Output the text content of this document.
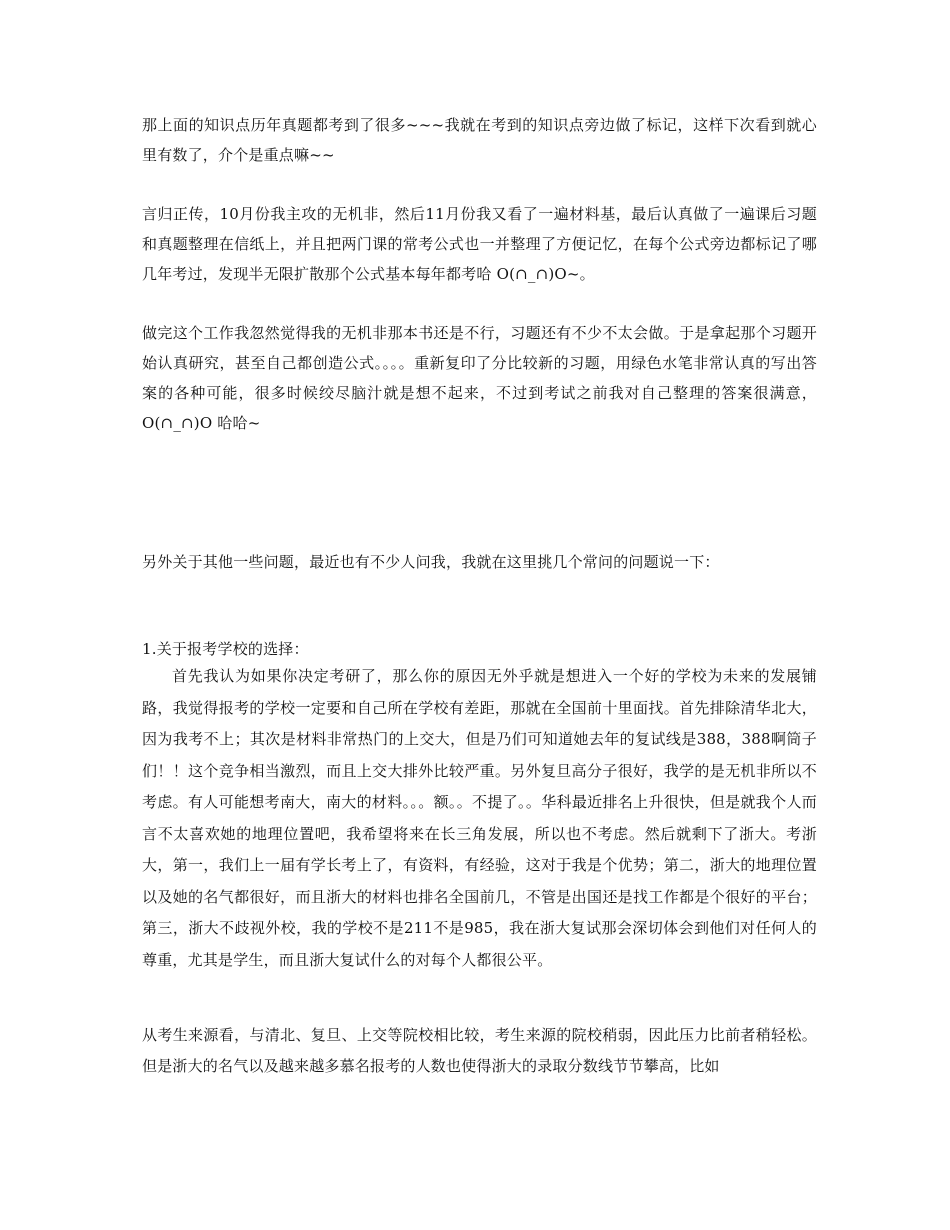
那上面的知识点历年真题都考到了很多~~~我就在考到的知识点旁边做了标记，这样下次看到就心里有数了，介个是重点嘛~~

言归正传，10月份我主攻的无机非，然后11月份我又看了一遍材料基，最后认真做了一遍课后习题和真题整理在信纸上，并且把两门课的常考公式也一并整理了方便记忆，在每个公式旁边都标记了哪几年考过，发现半无限扩散那个公式基本每年都考哈 O(∩_∩)O~。

做完这个工作我忽然觉得我的无机非那本书还是不行，习题还有不少不太会做。于是拿起那个习题开始认真研究，甚至自己都创造公式。。。。重新复印了分比较新的习题，用绿色水笔非常认真的写出答案的各种可能，很多时候绞尽脑汁就是想不起来，不过到考试之前我对自己整理的答案很满意，O(∩_∩)O 哈哈~

另外关于其他一些问题，最近也有不少人问我，我就在这里挑几个常问的问题说一下：

1.关于报考学校的选择：

首先我认为如果你决定考研了，那么你的原因无外乎就是想进入一个好的学校为未来的发展铺路，我觉得报考的学校一定要和自己所在学校有差距，那就在全国前十里面找。首先排除清华北大，因为我考不上；其次是材料非常热门的上交大，但是乃们可知道她去年的复试线是388，388啊筒子们！！这个竞争相当激烈，而且上交大排外比较严重。另外复旦高分子很好，我学的是无机非所以不考虑。有人可能想考南大，南大的材料。。。额。。不提了。。华科最近排名上升很快，但是就我个人而言不太喜欢她的地理位置吧，我希望将来在长三角发展，所以也不考虑。然后就剩下了浙大。考浙大，第一，我们上一届有学长考上了，有资料，有经验，这对于我是个优势；第二，浙大的地理位置以及她的名气都很好，而且浙大的材料也排名全国前几，不管是出国还是找工作都是个很好的平台；第三，浙大不歧视外校，我的学校不是211不是985，我在浙大复试那会深切体会到他们对任何人的尊重，尤其是学生，而且浙大复试什么的对每个人都很公平。

从考生来源看，与清北、复旦、上交等院校相比较，考生来源的院校稍弱，因此压力比前者稍轻松。但是浙大的名气以及越来越多慕名报考的人数也使得浙大的录取分数线节节攀高，比如
